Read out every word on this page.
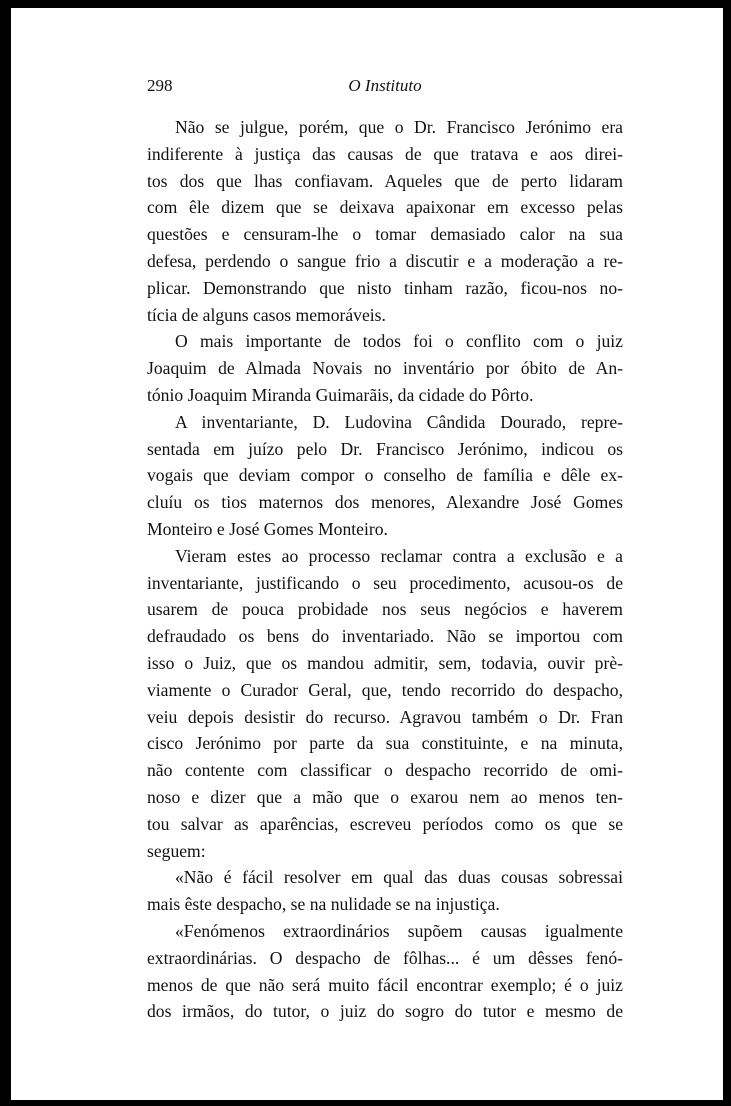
298	O Instituto
Não se julgue, porém, que o Dr. Francisco Jerónimo era
indiferente à justiça das causas de que tratava e aos direi-
tos dos que lhas confiavam. Aqueles que de perto lidaram
com êle dizem que se deixava apaixonar em excesso pelas
questões e censuram-lhe o tomar demasiado calor na sua
defesa, perdendo o sangue frio a discutir e a moderação a re-
plicar. Demonstrando que nisto tinham razão, ficou-nos no-
tícia de alguns casos memoráveis.
O mais importante de todos foi o conflito com o juiz
Joaquim de Almada Novais no inventário por óbito de An-
tónio Joaquim Miranda Guimarãis, da cidade do Pôrto.
A inventariante, D. Ludovina Cândida Dourado, repre-
sentada em juízo pelo Dr. Francisco Jerónimo, indicou os
vogais que deviam compor o conselho de família e dêle ex-
cluíu os tios maternos dos menores, Alexandre José Gomes
Monteiro e José Gomes Monteiro.
Vieram estes ao processo reclamar contra a exclusão e a
inventariante, justificando o seu procedimento, acusou-os de
usarem de pouca probidade nos seus negócios e haverem
defraudado os bens do inventariado. Não se importou com
isso o Juiz, que os mandou admitir, sem, todavia, ouvir prè-
viamente o Curador Geral, que, tendo recorrido do despacho,
veiu depois desistir do recurso. Agravou também o Dr. Fran
cisco Jerónimo por parte da sua constituinte, e na minuta,
não contente com classificar o despacho recorrido de omi-
noso e dizer que a mão que o exarou nem ao menos ten-
tou salvar as aparências, escreveu períodos como os que se
seguem:
«Não é fácil resolver em qual das duas cousas sobressai
mais êste despacho, se na nulidade se na injustiça.
«Fenómenos extraordinários supõem causas igualmente
extraordinárias. O despacho de fôlhas... é um dêsses fenó-
menos de que não será muito fácil encontrar exemplo; é o juiz
dos irmãos, do tutor, o juiz do sogro do tutor e mesmo de
